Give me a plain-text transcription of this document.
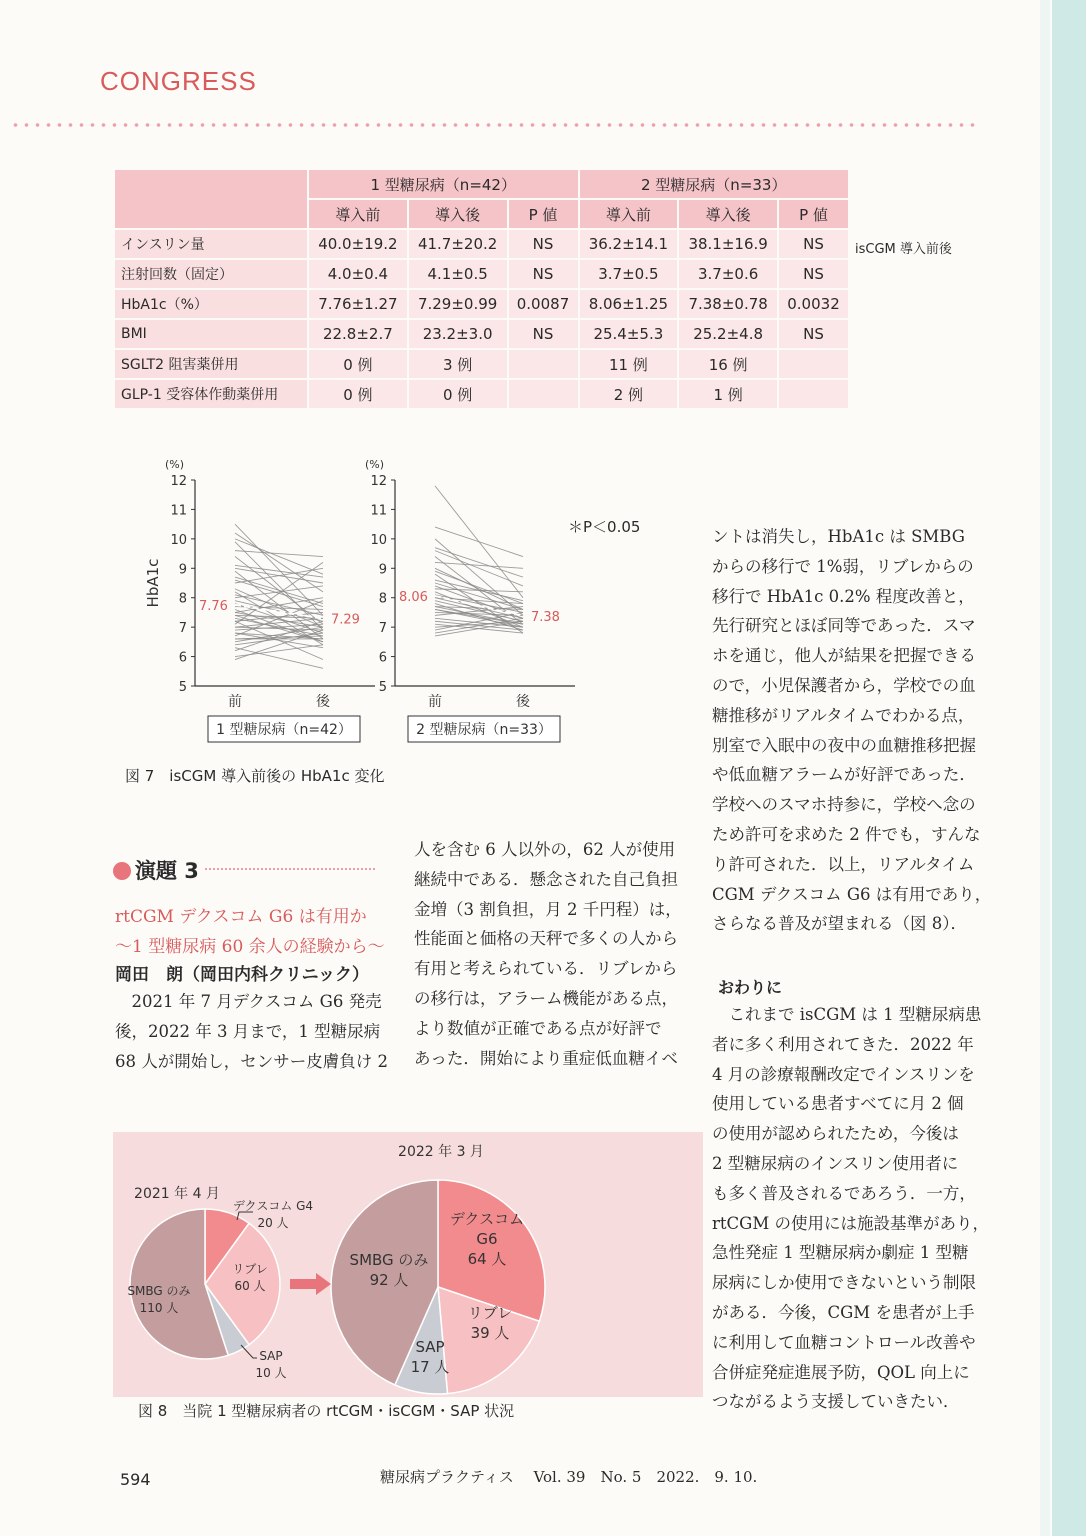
CONGRESS
	1 型糖尿病（n=42）			2 型糖尿病（n=33）		
	導入前	導入後	P 値	導入前	導入後	P 値
インスリン量	40.0±19.2	41.7±20.2	NS	36.2±14.1	38.1±16.9	NS
注射回数（固定）	4.0±0.4	4.1±0.5	NS	3.7±0.5	3.7±0.6	NS
HbA1c（%）	7.76±1.27	7.29±0.99	0.0087	8.06±1.25	7.38±0.78	0.0032
BMI	22.8±2.7	23.2±3.0	NS	25.4±5.3	25.2±4.8	NS
SGLT2 阻害薬併用	0 例	3 例		11 例	16 例	
GLP-1 受容体作動薬併用	0 例	0 例		2 例	1 例	
isCGM 導入前後
5
6
7
8
9
10
11
12
(%)
HbA1c	7.76
7.29
前	後
1 型糖尿病（n=42）
5
6
7
8
9
10
11
12
(%)
8.06
7.38
前	後
2 型糖尿病（n=33）
＊P＜0.05
図 7　isCGM 導入前後の HbA1c 変化

ントは消失し，HbA1c は SMBG

からの移行で 1%弱，リブレからの

移行で HbA1c 0.2% 程度改善と，

先行研究とほぼ同等であった．スマ

ホを通じ，他人が結果を把握できる

ので，小児保護者から，学校での血

糖推移がリアルタイムでわかる点，

別室で入眠中の夜中の血糖推移把握

や低血糖アラームが好評であった．

学校へのスマホ持参に，学校へ念の

ため許可を求めた 2 件でも，すんな

り許可された．以上，リアルタイム

CGM デクスコム G6 は有用であり，

さらなる普及が望まれる（図 8）．

演題 3
rtCGM デクスコム G6 は有用か
～1 型糖尿病 60 余人の経験から～
岡田　朗（岡田内科クリニック）

　2021 年 7 月デクスコム G6 発売

後，2022 年 3 月まで，1 型糖尿病

68 人が開始し，センサー皮膚負け 2

人を含む 6 人以外の，62 人が使用

継続中である．懸念された自己負担

金増（3 割負担，月 2 千円程）は，

性能面と価格の天秤で多くの人から

有用と考えられている．リブレから

の移行は，アラーム機能がある点，

より数値が正確である点が好評で

あった．開始により重症低血糖イベ

おわりに

　これまで isCGM は 1 型糖尿病患

者に多く利用されてきた．2022 年

4 月の診療報酬改定でインスリンを

使用している患者すべてに月 2 個

の使用が認められたため，今後は

2 型糖尿病のインスリン使用者に

も多く普及されるであろう．一方，

rtCGM の使用には施設基準があり，

急性発症 1 型糖尿病か劇症 1 型糖

尿病にしか使用できないという制限

がある．今後，CGM を患者が上手

に利用して血糖コントロール改善や

合併症発症進展予防，QOL 向上に

つながるよう支援していきたい．

2021 年 4 月
デクスコム G4
20 人
リブレ
60 人
SAP
10 人
SMBG のみ
110 人
2022 年 3 月
デクスコム
G6
64 人
リブレ
39 人
SAP
17 人
SMBG のみ
92 人
図 8　当院 1 型糖尿病者の rtCGM・isCGM・SAP 状況
594	糖尿病プラクティス　 Vol. 39　No. 5　2022.　9. 10.
